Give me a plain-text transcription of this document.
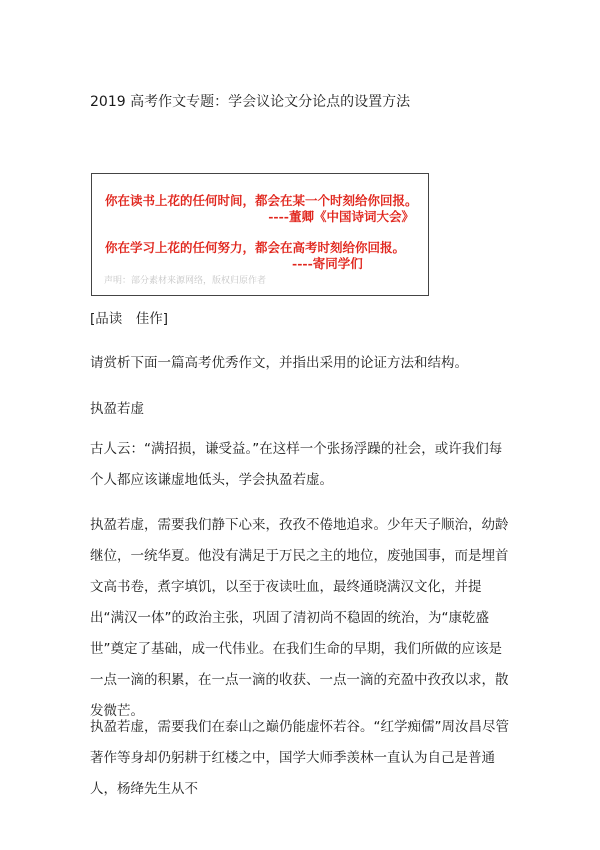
2019 高考作文专题：学会议论文分论点的设置方法
你在读书上花的任何时间，都会在某一个时刻给你回报。
----董卿《中国诗词大会》
你在学习上花的任何努力，都会在高考时刻给你回报。
----寄同学们
声明：部分素材来源网络，版权归原作者

[品读　佳作]

请赏析下面一篇高考优秀作文，并指出采用的论证方法和结构。

执盈若虚

古人云：“满招损，谦受益。”在这样一个张扬浮躁的社会，或许我们每个人都应该谦虚地低头，学会执盈若虚。

执盈若虚，需要我们静下心来，孜孜不倦地追求。少年天子顺治，幼龄继位，一统华夏。他没有满足于万民之主的地位，废弛国事，而是埋首文高书卷，煮字填饥，以至于夜读吐血，最终通晓满汉文化，并提出“满汉一体”的政治主张，巩固了清初尚不稳固的统治，为“康乾盛世”奠定了基础，成一代伟业。在我们生命的早期，我们所做的应该是一点一滴的积累，在一点一滴的收获、一点一滴的充盈中孜孜以求，散发微芒。

执盈若虚，需要我们在泰山之巅仍能虚怀若谷。“红学痴儒”周汝昌尽管著作等身却仍躬耕于红楼之中，国学大师季羡林一直认为自己是普通人，杨绛先生从不
